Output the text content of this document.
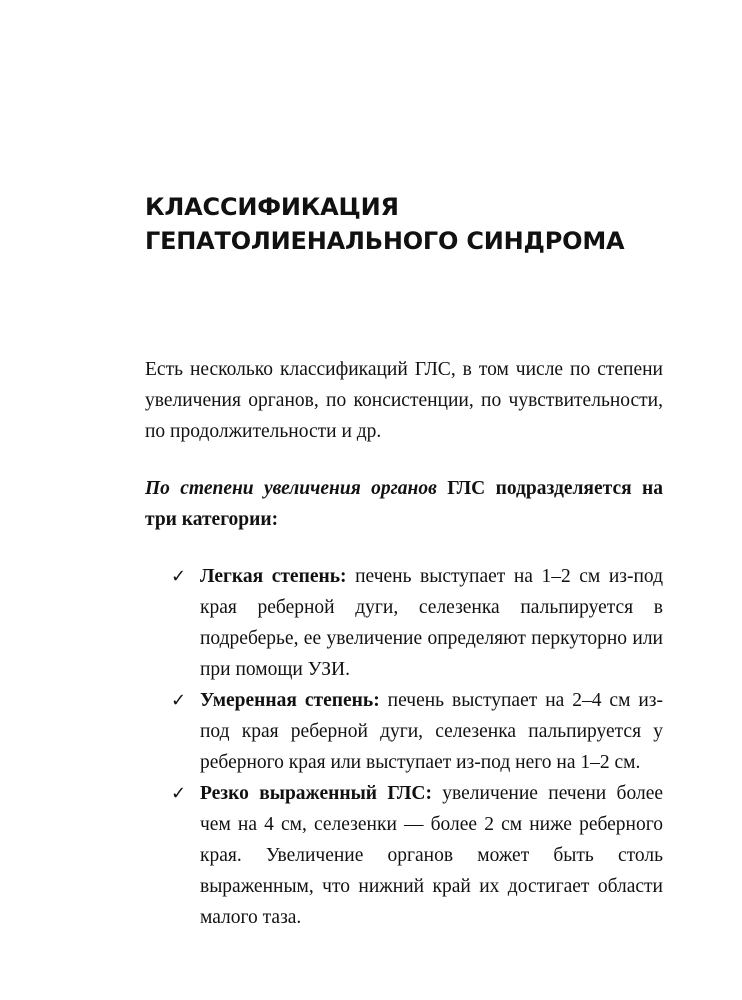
КЛАССИФИКАЦИЯ
ГЕПАТОЛИЕНАЛЬНОГО СИНДРОМА

Есть несколько классификаций ГЛС, в том числе по степени увеличения органов, по консистенции, по чувствительности, по продолжительности и др.

По степени увеличения органов ГЛС подразделяется на три категории:

✓ Легкая степень: печень выступает на 1–2 см из-под края реберной дуги, селезенка пальпируется в подреберье, ее увеличение определяют перкуторно или при помощи УЗИ.
✓ Умеренная степень: печень выступает на 2–4 см из-под края реберной дуги, селезенка пальпируется у реберного края или выступает из-под него на 1–2 см.
✓ Резко выраженный ГЛС: увеличение печени более чем на 4 см, селезенки — более 2 см ниже реберного края. Увеличение органов может быть столь выраженным, что нижний край их достигает области малого таза.
